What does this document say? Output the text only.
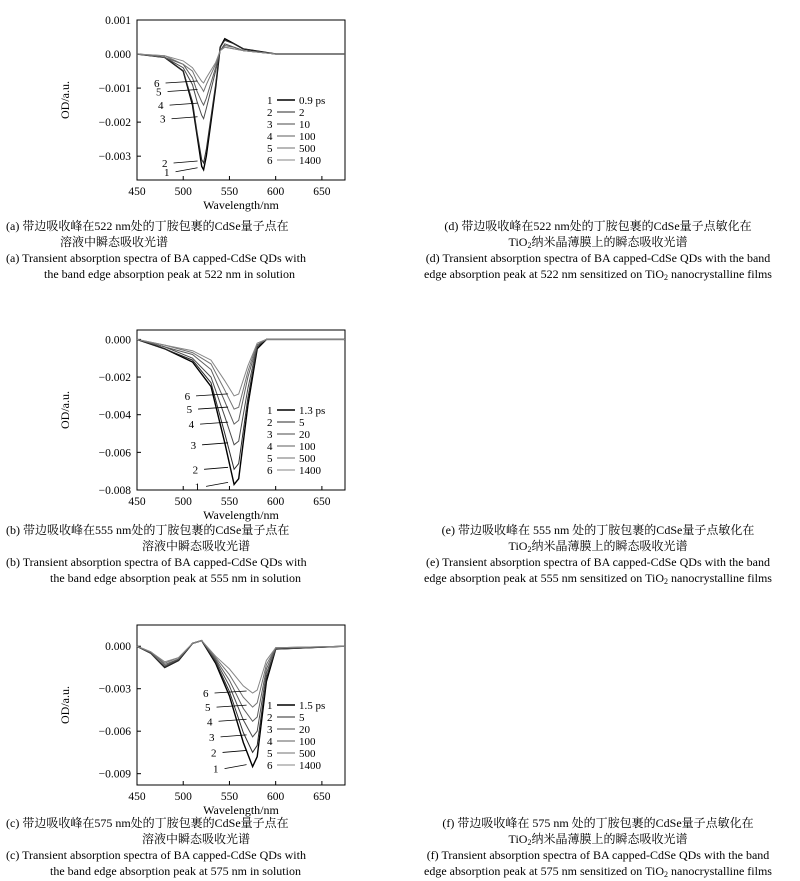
450	500	550	600	650
Wavelength/nm
0.001
0.000
−0.001
−0.002
−0.003
OD/a.u.
1
2
3
4
5
6
1 0.9 ps
2 2
3 10
4 100
5 500
6 1400
450	500	550	600	650
Wavelength/nm
0.000
−0.002
−0.004
−0.006
−0.008
OD/a.u.
1
2
3
4
5
6
1 1.3 ps
2 5
3 20
4 100
5 500
6 1400
450	500	550	600	650
Wavelength/nm
0.000
−0.003
−0.006
−0.009
OD/a.u.
1
2
3
4
5
6
1 1.5 ps
2 5
3 20
4 100
5 500
6 1400
(a) 带边吸收峰在522 nm处的丁胺包裹的CdSe量子点在
溶液中瞬态吸收光谱
(a) Transient absorption spectra of BA capped-CdSe QDs with
the band edge absorption peak at 522 nm in solution
(d) 带边吸收峰在522 nm处的丁胺包裹的CdSe量子点敏化在
TiO$_2$纳米晶薄膜上的瞬态吸收光谱
(d) Transient absorption spectra of BA capped-CdSe QDs with the band
edge absorption peak at 522 nm sensitized on TiO$_2$ nanocrystalline films
(b) 带边吸收峰在555 nm处的丁胺包裹的CdSe量子点在
溶液中瞬态吸收光谱
(b) Transient absorption spectra of BA capped-CdSe QDs with
the band edge absorption peak at 555 nm in solution
(e) 带边吸收峰在 555 nm 处的丁胺包裹的CdSe量子点敏化在
TiO$_2$纳米晶薄膜上的瞬态吸收光谱
(e) Transient absorption spectra of BA capped-CdSe QDs with the band
edge absorption peak at 555 nm sensitized on TiO$_2$ nanocrystalline films
(c) 带边吸收峰在575 nm处的丁胺包裹的CdSe量子点在
溶液中瞬态吸收光谱
(c) Transient absorption spectra of BA capped-CdSe QDs with
the band edge absorption peak at 575 nm in solution
(f) 带边吸收峰在 575 nm 处的丁胺包裹的CdSe量子点敏化在
TiO$_2$纳米晶薄膜上的瞬态吸收光谱
(f) Transient absorption spectra of BA capped-CdSe QDs with the band
edge absorption peak at 575 nm sensitized on TiO$_2$ nanocrystalline films
